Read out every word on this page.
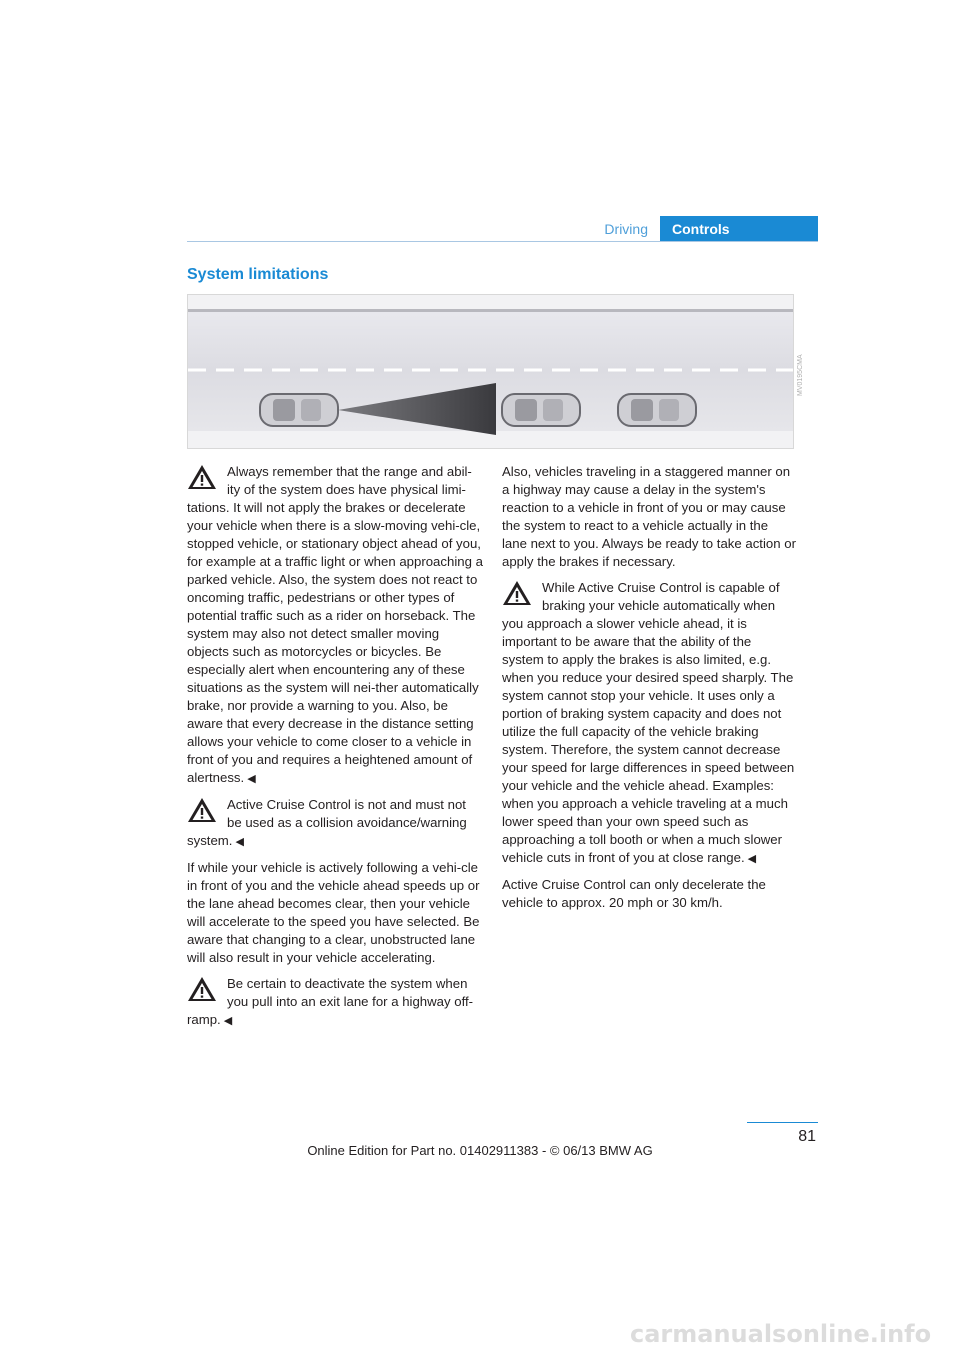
Driving	Controls
System limitations
MV0195CMA
Always remember that the range and abil-ity of the system does have physical limi-
tations. It will not apply the brakes or decelerate your vehicle when there is a slow-moving vehi-cle, stopped vehicle, or stationary object ahead of you, for example at a traffic light or when approaching a parked vehicle. Also, the system does not react to oncoming traffic, pedestrians or other types of potential traffic such as a rider on horseback. The system may also not detect smaller moving objects such as motorcycles or bicycles. Be especially alert when encountering any of these situations as the system will nei-ther automatically brake, nor provide a warning to you. Also, be aware that every decrease in the distance setting allows your vehicle to come closer to a vehicle in front of you and requires a heightened amount of alertness. ◀
Active Cruise Control is not and must not be used as a collision avoidance/warning
system. ◀

If while your vehicle is actively following a vehi-cle in front of you and the vehicle ahead speeds up or the lane ahead becomes clear, then your vehicle will accelerate to the speed you have selected. Be aware that changing to a clear, unobstructed lane will also result in your vehicle accelerating.

Be certain to deactivate the system when you pull into an exit lane for a highway off-
ramp. ◀

Also, vehicles traveling in a staggered manner on a highway may cause a delay in the system's reaction to a vehicle in front of you or may cause the system to react to a vehicle actually in the lane next to you. Always be ready to take action or apply the brakes if necessary.

While Active Cruise Control is capable of braking your vehicle automatically when
you approach a slower vehicle ahead, it is important to be aware that the ability of the system to apply the brakes is also limited, e.g. when you reduce your desired speed sharply. The system cannot stop your vehicle. It uses only a portion of braking system capacity and does not utilize the full capacity of the vehicle braking system. Therefore, the system cannot decrease your speed for large differences in speed between your vehicle and the vehicle ahead. Examples: when you approach a vehicle traveling at a much lower speed than your own speed such as approaching a toll booth or when a much slower vehicle cuts in front of you at close range. ◀

Active Cruise Control can only decelerate the vehicle to approx. 20 mph or 30 km/h.

81
Online Edition for Part no. 01402911383 - © 06/13 BMW AG
carmanualsonline.info
